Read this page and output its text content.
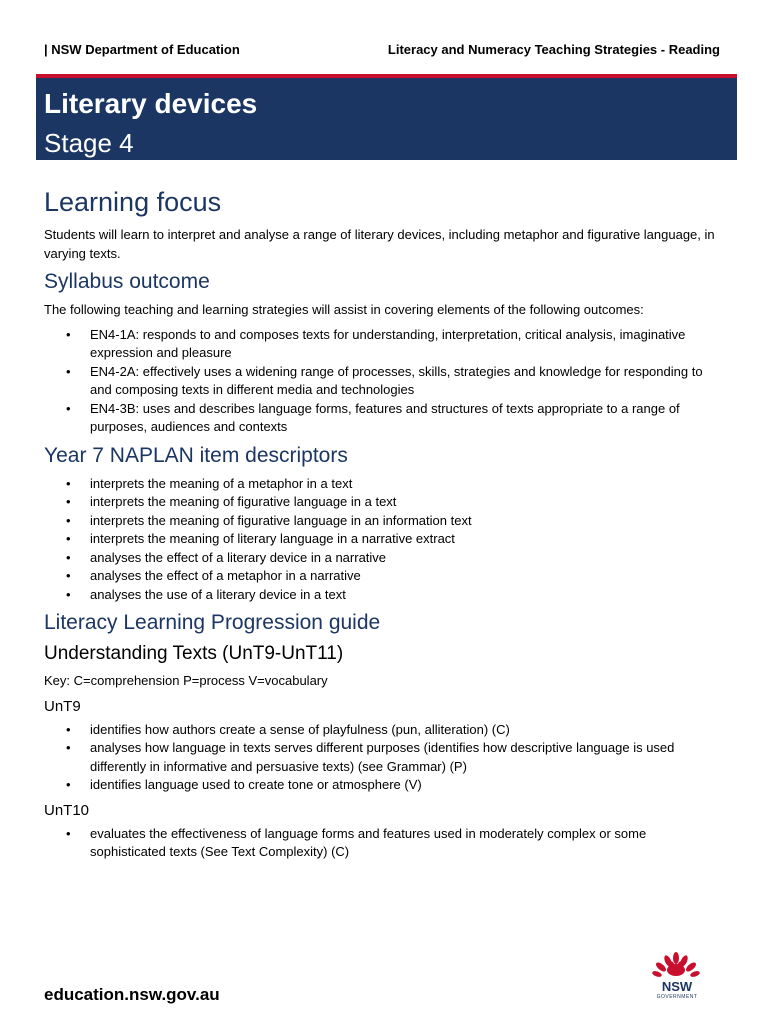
| NSW Department of Education	Literacy and Numeracy Teaching Strategies - Reading
Literary devices
Stage 4
Learning focus

Students will learn to interpret and analyse a range of literary devices, including metaphor and figurative language, in varying texts.

Syllabus outcome

The following teaching and learning strategies will assist in covering elements of the following outcomes:

• EN4-1A: responds to and composes texts for understanding, interpretation, critical analysis, imaginative expression and pleasure
• EN4-2A: effectively uses a widening range of processes, skills, strategies and knowledge for responding to and composing texts in different media and technologies
• EN4-3B: uses and describes language forms, features and structures of texts appropriate to a range of purposes, audiences and contexts
Year 7 NAPLAN item descriptors
• interprets the meaning of a metaphor in a text
• interprets the meaning of figurative language in a text
• interprets the meaning of figurative language in an information text
• interprets the meaning of literary language in a narrative extract
• analyses the effect of a literary device in a narrative
• analyses the effect of a metaphor in a narrative
• analyses the use of a literary device in a text
Literacy Learning Progression guide
Understanding Texts (UnT9-UnT11)

Key: C=comprehension P=process V=vocabulary

UnT9
• identifies how authors create a sense of playfulness (pun, alliteration) (C)
• analyses how language in texts serves different purposes (identifies how descriptive language is used differently in informative and persuasive texts) (see Grammar) (P)
• identifies language used to create tone or atmosphere (V)
UnT10
• evaluates the effectiveness of language forms and features used in moderately complex or some sophisticated texts (See Text Complexity) (C)
education.nsw.gov.au	NSW
GOVERNMENT
